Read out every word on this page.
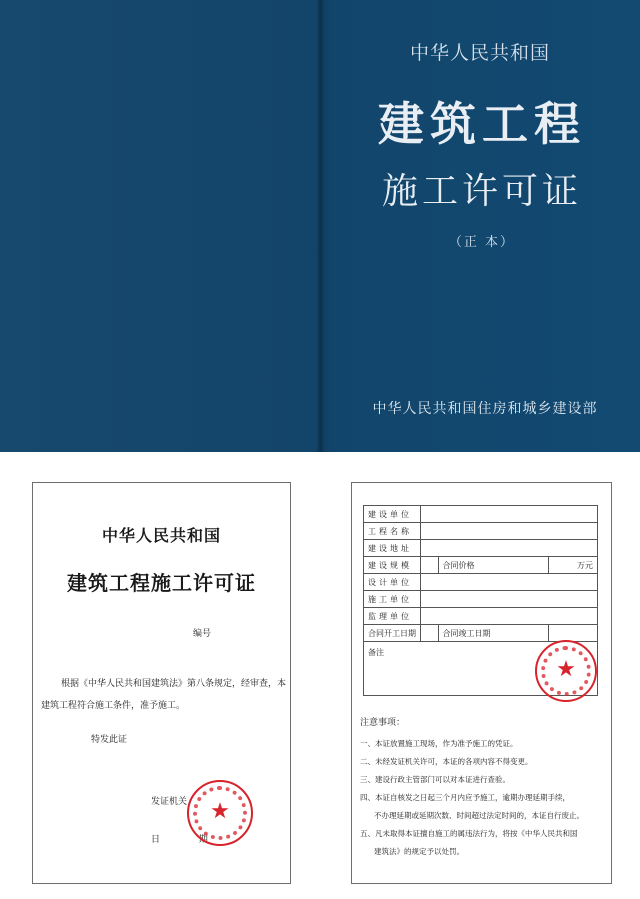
中华人民共和国
建筑工程
施工许可证
（正 本）
中华人民共和国住房和城乡建设部
中华人民共和国
建筑工程施工许可证
编号
根据《中华人民共和国建筑法》第八条规定，经审查，本建筑工程符合施工条件，准予施工。
特发此证
发证机关
日 期
★
建设单位			
工程名称			
建设地址			
建设规模		合同价格	万元
设计单位			
施工单位			
监理单位			
合同开工日期		合同竣工日期	
备注			
★
注意事项：
一、本证放置施工现场，作为准予施工的凭证。
二、未经发证机关许可，本证的各项内容不得变更。
三、建设行政主管部门可以对本证进行查验。
四、本证自核发之日起三个月内应予施工，逾期办理延期手续，
不办理延期或延期次数、时间超过法定时间的，本证自行废止。
五、凡未取得本证擅自施工的属违法行为，将按《中华人民共和国
建筑法》的规定予以处罚。
